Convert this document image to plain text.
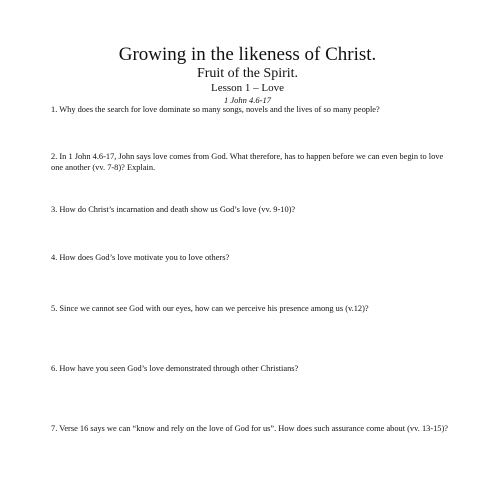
Growing in the likeness of Christ.

Fruit of the Spirit.

Lesson 1 – Love

1 John 4.6-17

1. Why does the search for love dominate so many songs, novels and the lives of so many people?

2. In 1 John 4.6-17, John says love comes from God. What therefore, has to happen before we can even begin to love one another (vv. 7-8)? Explain.

3. How do Christ’s incarnation and death show us God’s love (vv. 9-10)?

4. How does God’s love motivate you to love others?

5. Since we cannot see God with our eyes, how can we perceive his presence among us (v.12)?

6. How have you seen God’s love demonstrated through other Christians?

7. Verse 16 says we can “know and rely on the love of God for us”. How does such assurance come about (vv. 13-15)?
